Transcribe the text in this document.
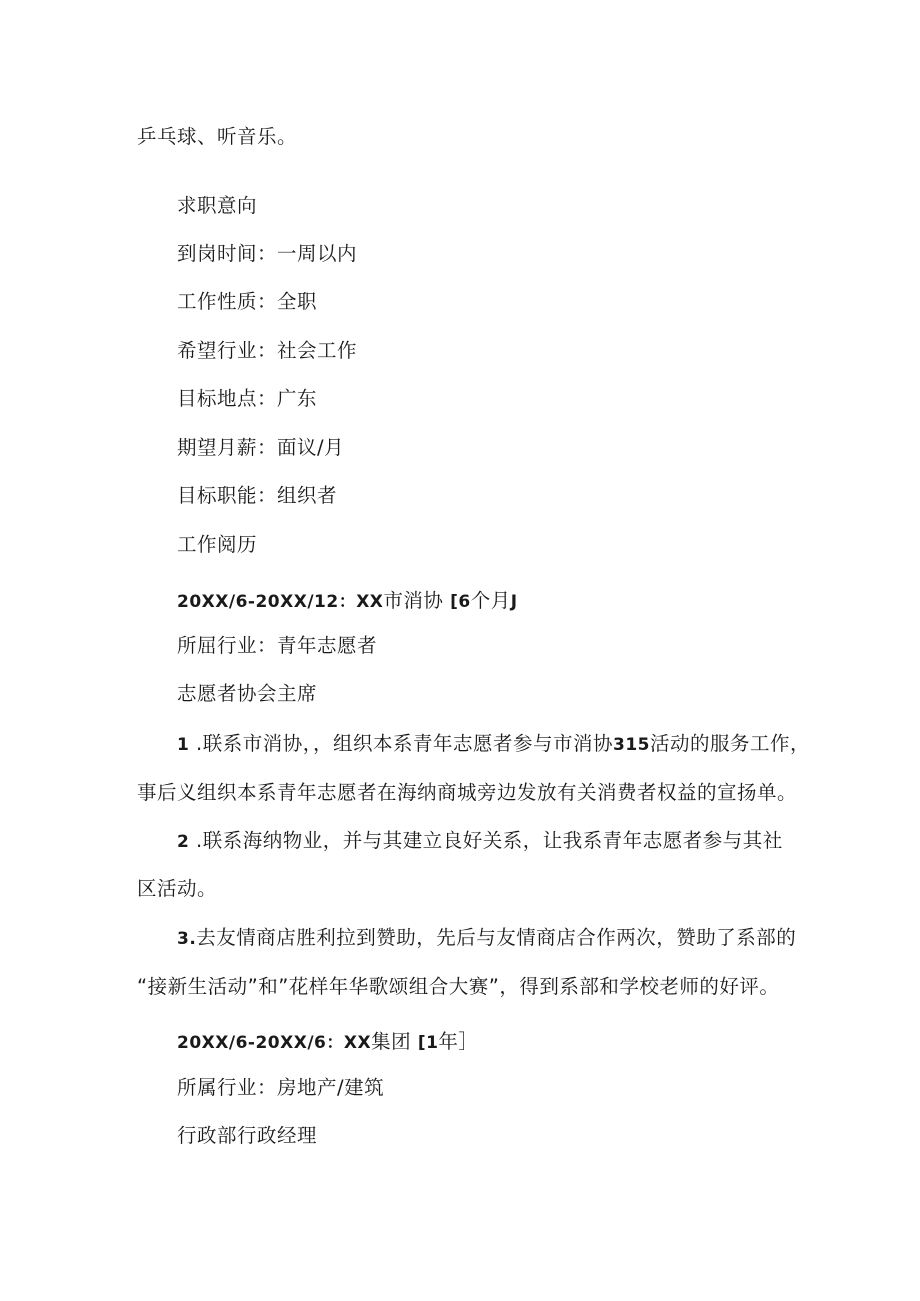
乒乓球、听音乐。
求职意向
到岗时间：一周以内
工作性质：全职
希望行业：社会工作
目标地点：广东
期望月薪：面议/月
目标职能：组织者
工作阅历
20XX/6-20XX/12：XX市消协 [6个月J
所屈行业：青年志愿者
志愿者协会主席
1 .联系市消协，，组织本系青年志愿者参与市消协315活动的服务工作，
事后义组织本系青年志愿者在海纳商城旁边发放有关消费者权益的宣扬单。
2 .联系海纳物业，并与其建立良好关系，让我系青年志愿者参与其社
区活动。
3.去友情商店胜利拉到赞助，先后与友情商店合作两次，赞助了系部的
“接新生活动”和”花样年华歌颂组合大赛”，得到系部和学校老师的好评。
20XX/6-20XX/6：XX集团 [1年］
所属行业：房地产/建筑
行政部行政经理
